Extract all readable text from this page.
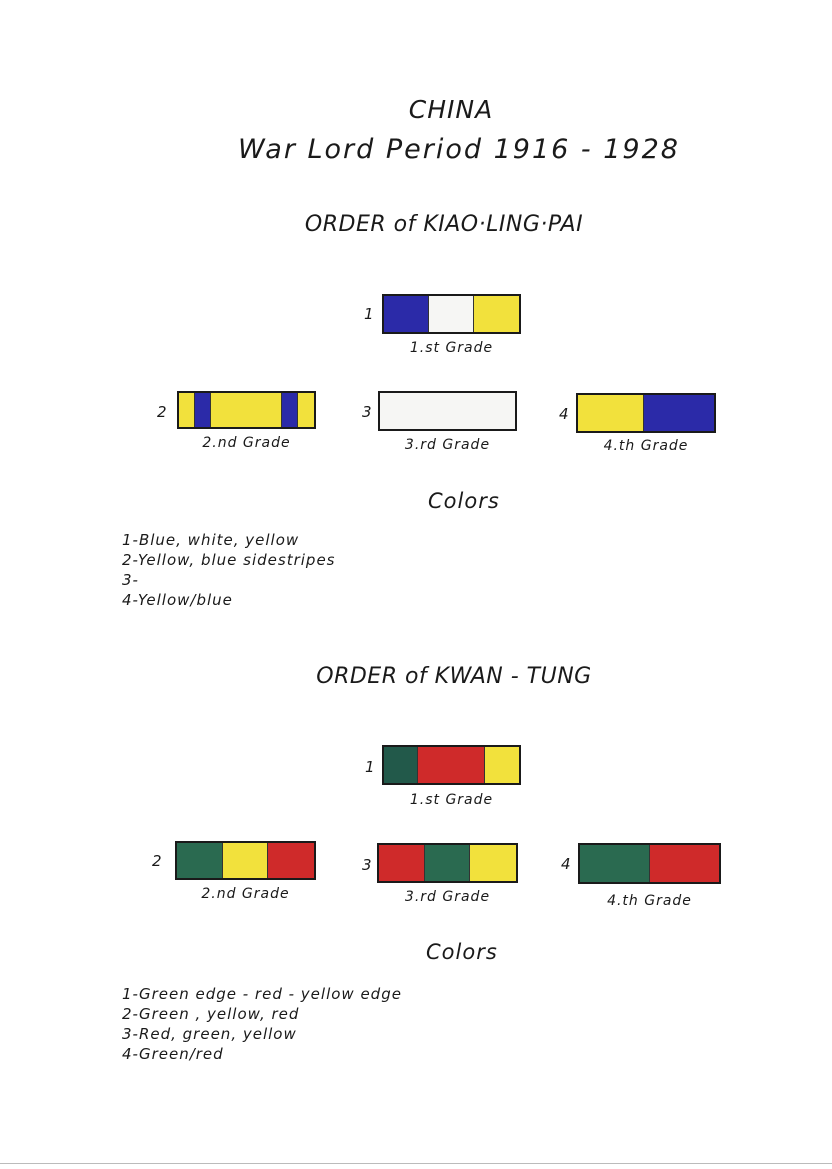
CHINA
War Lord Period 1916 - 1928
ORDER of KIAO·LING·PAI
1
1.st Grade
2
2.nd Grade
3
3.rd Grade
4
4.th Grade
Colors
1-Blue, white, yellow
2-Yellow, blue sidestripes
3-
4-Yellow/blue
ORDER of KWAN - TUNG
1
1.st Grade
2
2.nd Grade
3
3.rd Grade
4
4.th Grade
Colors
1-Green edge - red - yellow edge
2-Green , yellow, red
3-Red, green, yellow
4-Green/red
